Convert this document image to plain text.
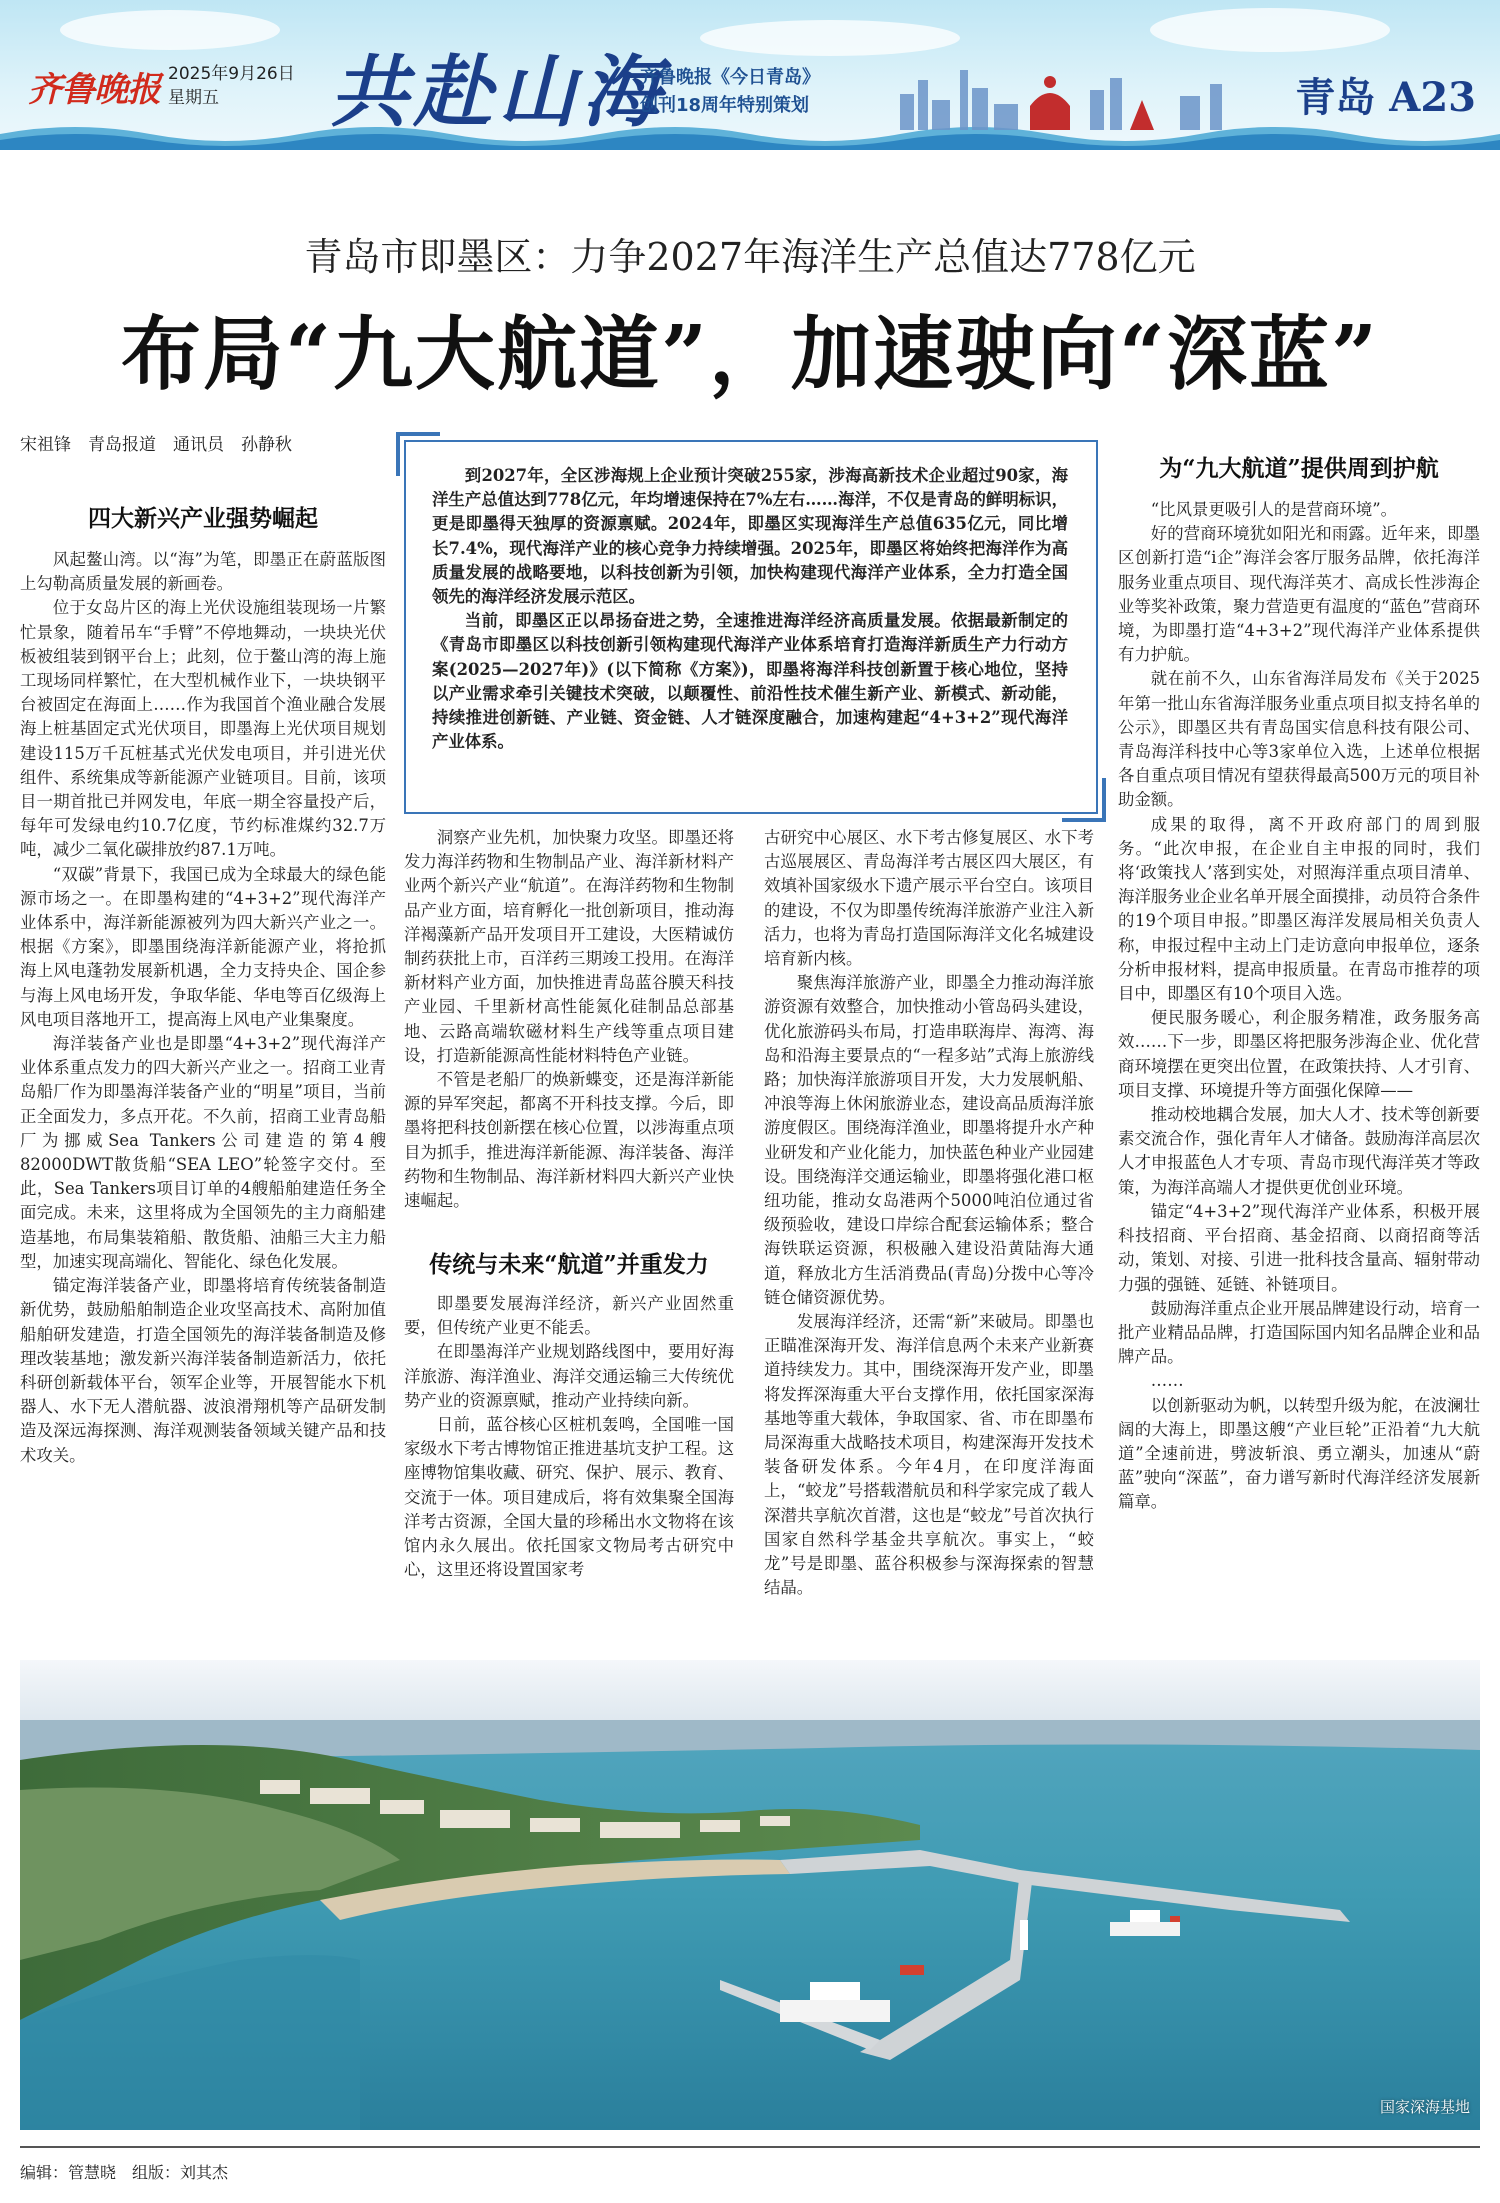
齐鲁晚报 2025年9月26日
星期五	共赴山海
齐鲁晚报《今日青岛》
创刊18周年特别策划	青岛 A23
青岛市即墨区：力争2027年海洋生产总值达778亿元
布局“九大航道”，加速驶向“深蓝”
宋祖锋　青岛报道　通讯员　孙静秋

到2027年，全区涉海规上企业预计突破255家，涉海高新技术企业超过90家，海洋生产总值达到778亿元，年均增速保持在7%左右……海洋，不仅是青岛的鲜明标识，更是即墨得天独厚的资源禀赋。2024年，即墨区实现海洋生产总值635亿元，同比增长7.4%，现代海洋产业的核心竞争力持续增强。2025年，即墨区将始终把海洋作为高质量发展的战略要地，以科技创新为引领，加快构建现代海洋产业体系，全力打造全国领先的海洋经济发展示范区。

当前，即墨区正以昂扬奋进之势，全速推进海洋经济高质量发展。依据最新制定的《青岛市即墨区以科技创新引领构建现代海洋产业体系培育打造海洋新质生产力行动方案(2025—2027年)》(以下简称《方案》)，即墨将海洋科技创新置于核心地位，坚持以产业需求牵引关键技术突破，以颠覆性、前沿性技术催生新产业、新模式、新动能，持续推进创新链、产业链、资金链、人才链深度融合，加速构建起“4+3+2”现代海洋产业体系。

四大新兴产业强势崛起

风起鳌山湾。以“海”为笔，即墨正在蔚蓝版图上勾勒高质量发展的新画卷。

位于女岛片区的海上光伏设施组装现场一片繁忙景象，随着吊车“手臂”不停地舞动，一块块光伏板被组装到钢平台上；此刻，位于鳌山湾的海上施工现场同样繁忙，在大型机械作业下，一块块钢平台被固定在海面上……作为我国首个渔业融合发展海上桩基固定式光伏项目，即墨海上光伏项目规划建设115万千瓦桩基式光伏发电项目，并引进光伏组件、系统集成等新能源产业链项目。目前，该项目一期首批已并网发电，年底一期全容量投产后，每年可发绿电约10.7亿度，节约标准煤约32.7万吨，减少二氧化碳排放约87.1万吨。

“双碳”背景下，我国已成为全球最大的绿色能源市场之一。在即墨构建的“4+3+2”现代海洋产业体系中，海洋新能源被列为四大新兴产业之一。根据《方案》，即墨围绕海洋新能源产业，将抢抓海上风电蓬勃发展新机遇，全力支持央企、国企参与海上风电场开发，争取华能、华电等百亿级海上风电项目落地开工，提高海上风电产业集聚度。

海洋装备产业也是即墨“4+3+2”现代海洋产业体系重点发力的四大新兴产业之一。招商工业青岛船厂作为即墨海洋装备产业的“明星”项目，当前正全面发力，多点开花。不久前，招商工业青岛船厂为挪威Sea Tankers公司建造的第4艘82000DWT散货船“SEA LEO”轮签字交付。至此，Sea Tankers项目订单的4艘船舶建造任务全面完成。未来，这里将成为全国领先的主力商船建造基地，布局集装箱船、散货船、油船三大主力船型，加速实现高端化、智能化、绿色化发展。

锚定海洋装备产业，即墨将培育传统装备制造新优势，鼓励船舶制造企业攻坚高技术、高附加值船舶研发建造，打造全国领先的海洋装备制造及修理改装基地；激发新兴海洋装备制造新活力，依托科研创新载体平台，领军企业等，开展智能水下机器人、水下无人潜航器、波浪滑翔机等产品研发制造及深远海探测、海洋观测装备领域关键产品和技术攻关。

洞察产业先机，加快聚力攻坚。即墨还将发力海洋药物和生物制品产业、海洋新材料产业两个新兴产业“航道”。在海洋药物和生物制品产业方面，培育孵化一批创新项目，推动海洋褐藻新产品开发项目开工建设，大医精诚仿制药获批上市，百洋药三期竣工投用。在海洋新材料产业方面，加快推进青岛蓝谷膜天科技产业园、千里新材高性能氮化硅制品总部基地、云路高端软磁材料生产线等重点项目建设，打造新能源高性能材料特色产业链。

不管是老船厂的焕新蝶变，还是海洋新能源的异军突起，都离不开科技支撑。今后，即墨将把科技创新摆在核心位置，以涉海重点项目为抓手，推进海洋新能源、海洋装备、海洋药物和生物制品、海洋新材料四大新兴产业快速崛起。

传统与未来“航道”并重发力

即墨要发展海洋经济，新兴产业固然重要，但传统产业更不能丢。

在即墨海洋产业规划路线图中，要用好海洋旅游、海洋渔业、海洋交通运输三大传统优势产业的资源禀赋，推动产业持续向新。

日前，蓝谷核心区桩机轰鸣，全国唯一国家级水下考古博物馆正推进基坑支护工程。这座博物馆集收藏、研究、保护、展示、教育、交流于一体。项目建成后，将有效集聚全国海洋考古资源，全国大量的珍稀出水文物将在该馆内永久展出。依托国家文物局考古研究中心，这里还将设置国家考

古研究中心展区、水下考古修复展区、水下考古巡展展区、青岛海洋考古展区四大展区，有效填补国家级水下遗产展示平台空白。该项目的建设，不仅为即墨传统海洋旅游产业注入新活力，也将为青岛打造国际海洋文化名城建设培育新内核。

聚焦海洋旅游产业，即墨全力推动海洋旅游资源有效整合，加快推动小管岛码头建设，优化旅游码头布局，打造串联海岸、海湾、海岛和沿海主要景点的“一程多站”式海上旅游线路；加快海洋旅游项目开发，大力发展帆船、冲浪等海上休闲旅游业态，建设高品质海洋旅游度假区。围绕海洋渔业，即墨将提升水产种业研发和产业化能力，加快蓝色种业产业园建设。围绕海洋交通运输业，即墨将强化港口枢纽功能，推动女岛港两个5000吨泊位通过省级预验收，建设口岸综合配套运输体系；整合海铁联运资源，积极融入建设沿黄陆海大通道，释放北方生活消费品(青岛)分拨中心等冷链仓储资源优势。

发展海洋经济，还需“新”来破局。即墨也正瞄准深海开发、海洋信息两个未来产业新赛道持续发力。其中，围绕深海开发产业，即墨将发挥深海重大平台支撑作用，依托国家深海基地等重大载体，争取国家、省、市在即墨布局深海重大战略技术项目，构建深海开发技术装备研发体系。今年4月，在印度洋海面上，“蛟龙”号搭载潜航员和科学家完成了载人深潜共享航次首潜，这也是“蛟龙”号首次执行国家自然科学基金共享航次。事实上，“蛟龙”号是即墨、蓝谷积极参与深海探索的智慧结晶。

为“九大航道”提供周到护航

“比风景更吸引人的是营商环境”。

好的营商环境犹如阳光和雨露。近年来，即墨区创新打造“i企”海洋会客厅服务品牌，依托海洋服务业重点项目、现代海洋英才、高成长性涉海企业等奖补政策，聚力营造更有温度的“蓝色”营商环境，为即墨打造“4+3+2”现代海洋产业体系提供有力护航。

就在前不久，山东省海洋局发布《关于2025年第一批山东省海洋服务业重点项目拟支持名单的公示》，即墨区共有青岛国实信息科技有限公司、青岛海洋科技中心等3家单位入选，上述单位根据各自重点项目情况有望获得最高500万元的项目补助金额。

成果的取得，离不开政府部门的周到服务。“此次申报，在企业自主申报的同时，我们将‘政策找人’落到实处，对照海洋重点项目清单、海洋服务业企业名单开展全面摸排，动员符合条件的19个项目申报。”即墨区海洋发展局相关负责人称，申报过程中主动上门走访意向申报单位，逐条分析申报材料，提高申报质量。在青岛市推荐的项目中，即墨区有10个项目入选。

便民服务暖心，利企服务精准，政务服务高效……下一步，即墨区将把服务涉海企业、优化营商环境摆在更突出位置，在政策扶持、人才引育、项目支撑、环境提升等方面强化保障——

推动校地耦合发展，加大人才、技术等创新要素交流合作，强化青年人才储备。鼓励海洋高层次人才申报蓝色人才专项、青岛市现代海洋英才等政策，为海洋高端人才提供更优创业环境。

锚定“4+3+2”现代海洋产业体系，积极开展科技招商、平台招商、基金招商、以商招商等活动，策划、对接、引进一批科技含量高、辐射带动力强的强链、延链、补链项目。

鼓励海洋重点企业开展品牌建设行动，培育一批产业精品品牌，打造国际国内知名品牌企业和品牌产品。

……

以创新驱动为帆，以转型升级为舵，在波澜壮阔的大海上，即墨这艘“产业巨轮”正沿着“九大航道”全速前进，劈波斩浪、勇立潮头，加速从“蔚蓝”驶向“深蓝”，奋力谱写新时代海洋经济发展新篇章。

国家深海基地
编辑：管慧晓　组版：刘其杰
